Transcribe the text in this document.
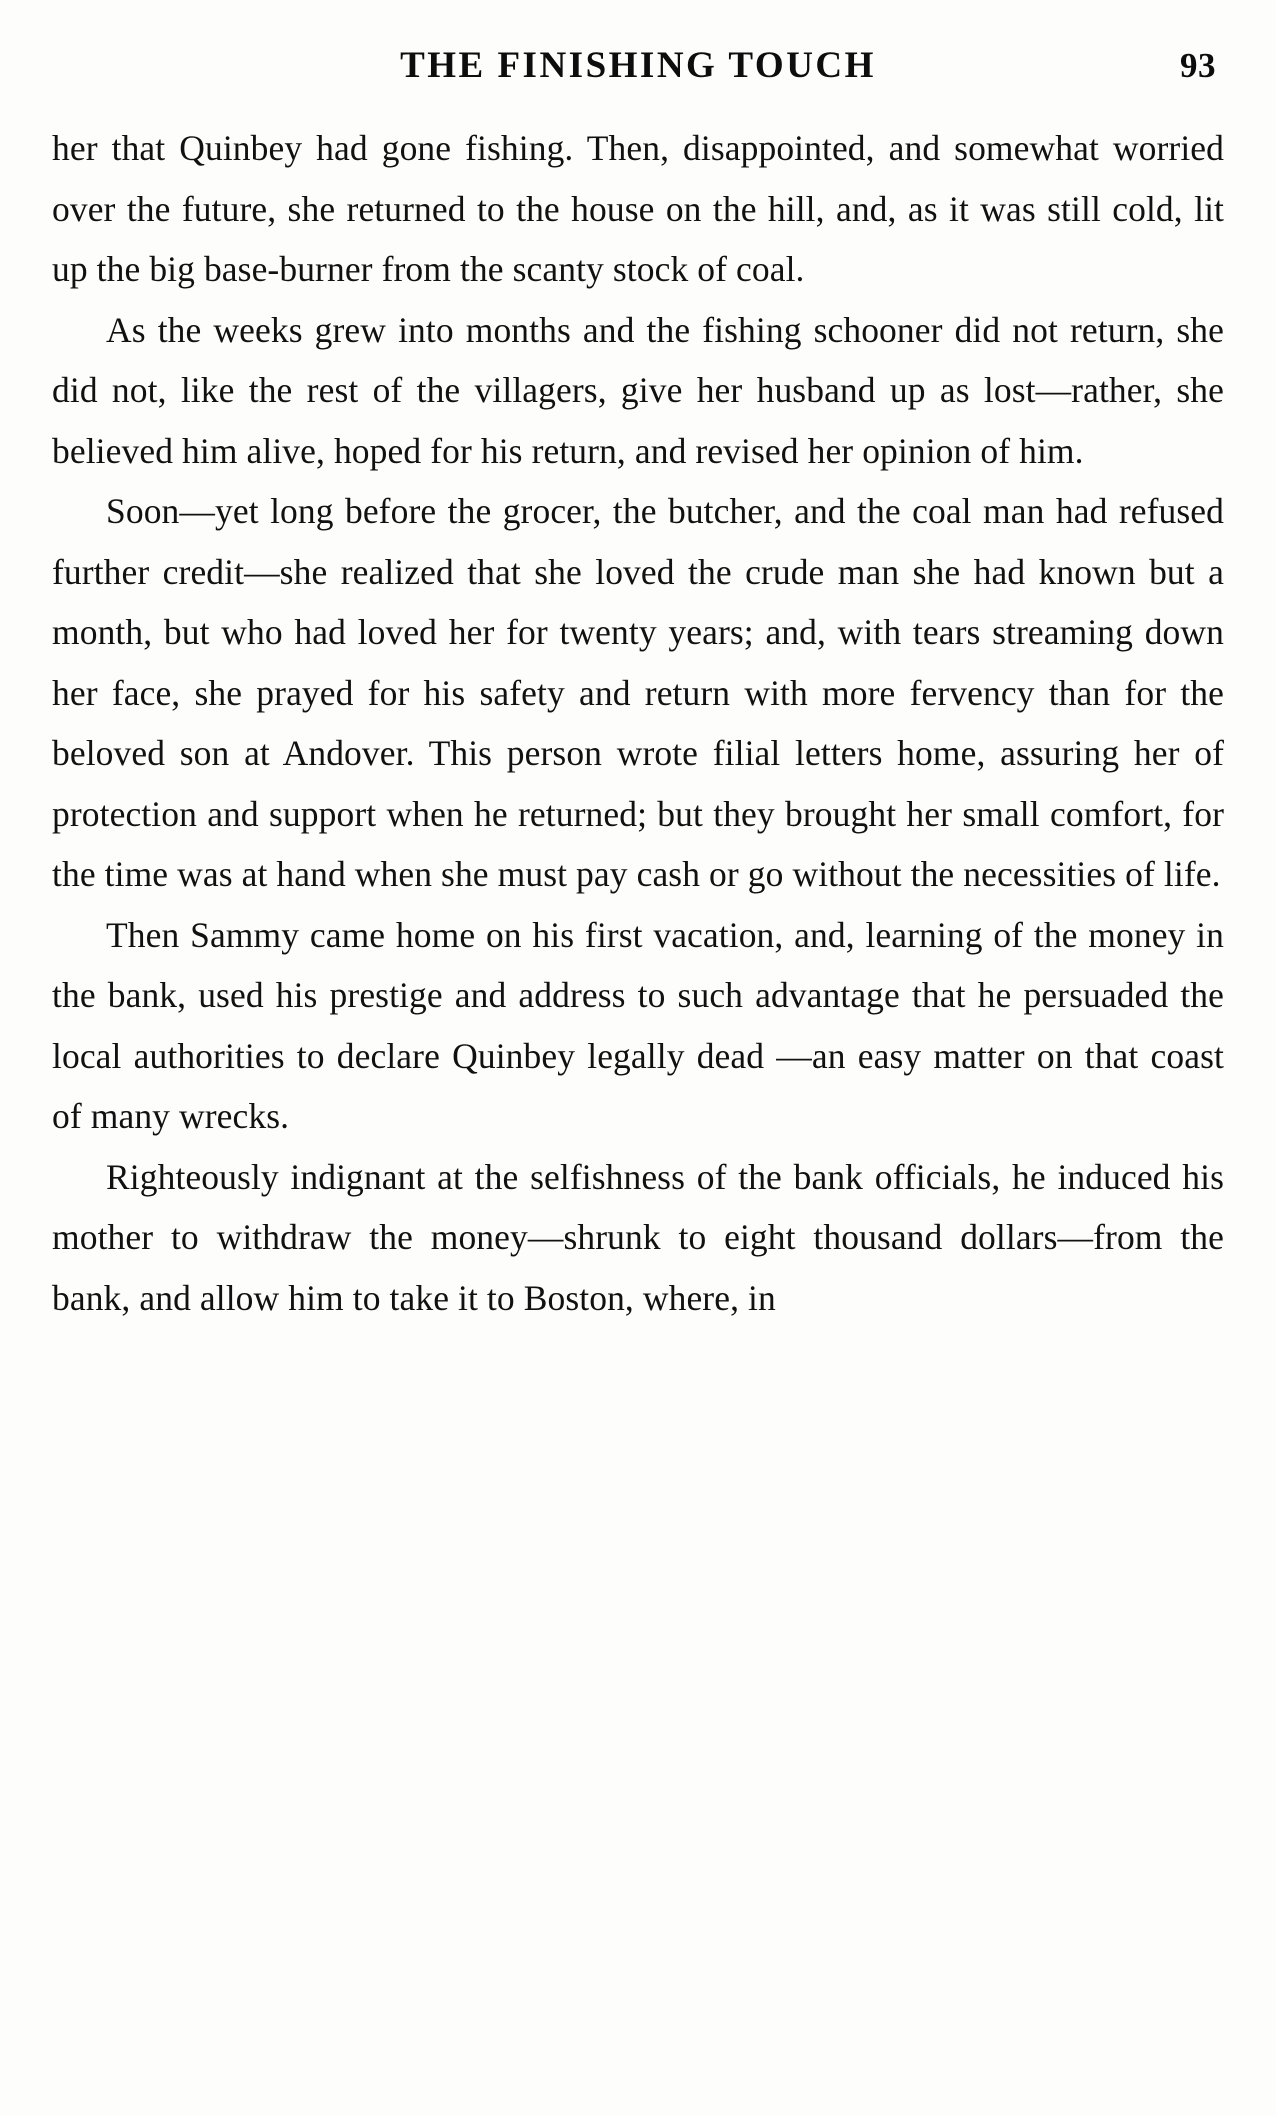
THE FINISHING TOUCH	93

her that Quinbey had gone fishing. Then, disappointed, and somewhat worried over the future, she returned to the house on the hill, and, as it was still cold, lit up the big base-burner from the scanty stock of coal.

As the weeks grew into months and the fishing schooner did not return, she did not, like the rest of the villagers, give her husband up as lost—rather, she believed him alive, hoped for his return, and revised her opinion of him.

Soon—yet long before the grocer, the butcher, and the coal man had refused further credit—she realized that she loved the crude man she had known but a month, but who had loved her for twenty years; and, with tears streaming down her face, she prayed for his safety and return with more fervency than for the beloved son at Andover. This person wrote filial letters home, assuring her of protection and support when he returned; but they brought her small comfort, for the time was at hand when she must pay cash or go without the necessities of life.

Then Sammy came home on his first vacation, and, learning of the money in the bank, used his prestige and address to such advantage that he persuaded the local authorities to declare Quinbey legally dead —an easy matter on that coast of many wrecks.

Righteously indignant at the selfishness of the bank officials, he induced his mother to withdraw the money—shrunk to eight thousand dollars—from the bank, and allow him to take it to Boston, where, in
